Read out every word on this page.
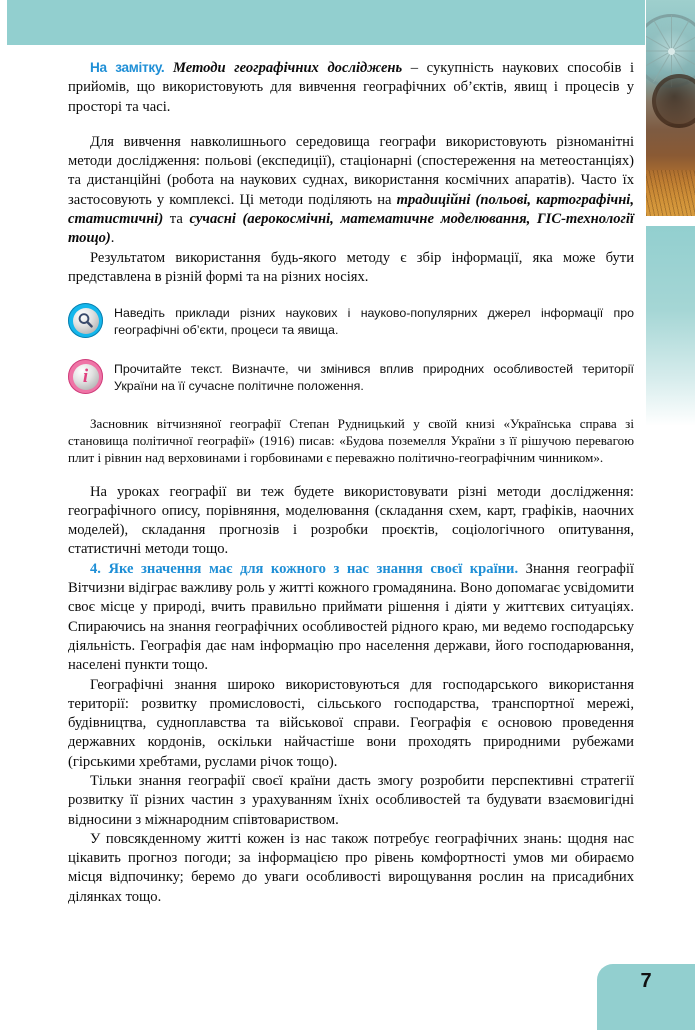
На замітку. Методи географічних досліджень – сукупність наукових способів і прийомів, що використовують для вивчення географічних об’єктів, явищ і процесів у просторі та часі.

Для вивчення навколишнього середовища географи використовують різноманітні методи дослідження: польові (експедиції), стаціонарні (спостереження на метеостанціях) та дистанційні (робота на наукових суднах, використання космічних апаратів). Часто їх застосовують у комплексі. Ці методи поділяють на традиційні (польові, картографічні, статистичні) та сучасні (аерокосмічні, математичне моделювання, ГІС-технології тощо).

Результатом використання будь-якого методу є збір інформації, яка може бути представлена в різній формі та на різних носіях.

Наведіть приклади різних наукових і науково-популярних джерел інформації про географічні об’єкти, процеси та явища.
i Прочитайте текст. Визначте, чи змінився вплив природних особливостей території України на її сучасне політичне положення.

Засновник вітчизняної географії Степан Рудницький у своїй книзі «Українська справа зі становища політичної географії» (1916) писав: «Будова поземелля України з її рішучою перевагою плит і рівнин над верховинами і горбовинами є переважно політично-географічним чинником».

На уроках географії ви теж будете використовувати різні методи дослідження: географічного опису, порівняння, моделювання (складання схем, карт, графіків, наочних моделей), складання прогнозів і розробки проєктів, соціологічного опитування, статистичні методи тощо.

4. Яке значення має для кожного з нас знання своєї країни. Знання географії Вітчизни відіграє важливу роль у житті кожного громадянина. Воно допомагає усвідомити своє місце у природі, вчить правильно приймати рішення і діяти у життєвих ситуаціях. Спираючись на знання географічних особливостей рідного краю, ми ведемо господарську діяльність. Географія дає нам інформацію про населення держави, його господарювання, населені пункти тощо.

Географічні знання широко використовуються для господарського використання території: розвитку промисловості, сільського господарства, транспортної мережі, будівництва, судноплавства та військової справи. Географія є основою проведення державних кордонів, оскільки найчастіше вони проходять природними рубежами (гірськими хребтами, руслами річок тощо).

Тільки знання географії своєї країни дасть змогу розробити перспективні стратегії розвитку її різних частин з урахуванням їхніх особливостей та будувати взаємовигідні відносини з міжнародним співтовариством.

У повсякденному житті кожен із нас також потребує географічних знань: щодня нас цікавить прогноз погоди; за інформацією про рівень комфортності умов ми обираємо місця відпочинку; беремо до уваги особливості вирощування рослин на присадибних ділянках тощо.

7
